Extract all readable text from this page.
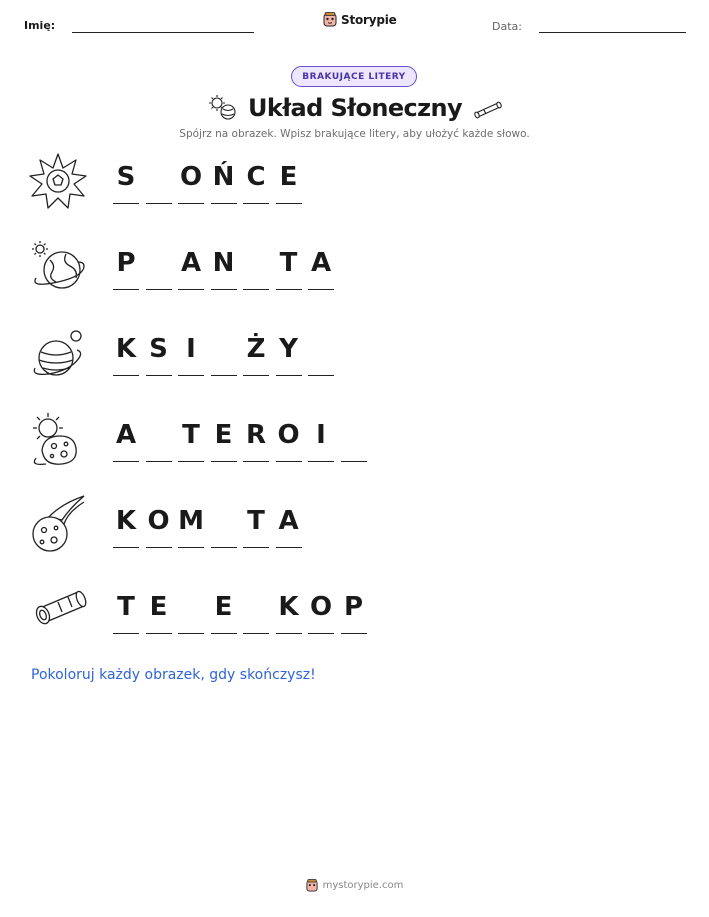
Imię:	Storypie	Data:
BRAKUJĄCE LITERY
Układ Słoneczny
Spójrz na obrazek. Wpisz brakujące litery, aby ułożyć każde słowo.
S O Ń C E
P A N T A
K S I	Ż Y
A T E R O I
K O M T A
T E E K O P
Pokoloruj każdy obrazek, gdy skończysz!
mystorypie.com
